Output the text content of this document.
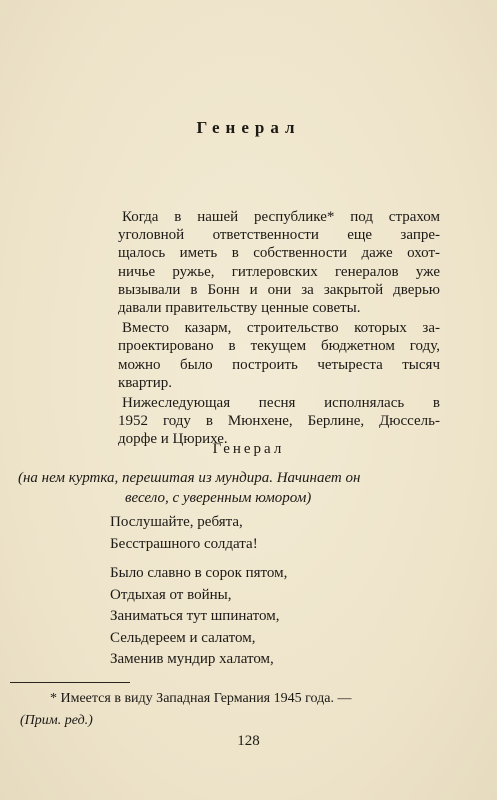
Генерал

Когда в нашей республике* под страхом
уголовной ответственности еще запре-
щалось иметь в собственности даже охот-
ничье ружье, гитлеровских генералов уже
вызывали в Бонн и они за закрытой дверью
давали правительству ценные советы.

Вместо казарм, строительство которых за-
проектировано в текущем бюджетном году,
можно было построить четыреста тысяч
квартир.

Нижеследующая песня исполнялась в
1952 году в Мюнхене, Берлине, Дюссель-
дорфе и Цюрихе.

Генерал
(на нем куртка, перешитая из мундира. Начинает он
весело, с уверенным юмором)
Послушайте, ребята,
Бесстрашного солдата!
Было славно в сорок пятом,
Отдыхая от войны,
Заниматься тут шпинатом,
Сельдереем и салатом,
Заменив мундир халатом,
* Имеется в виду Западная Германия 1945 года. —
(Прим. ред.)
128
